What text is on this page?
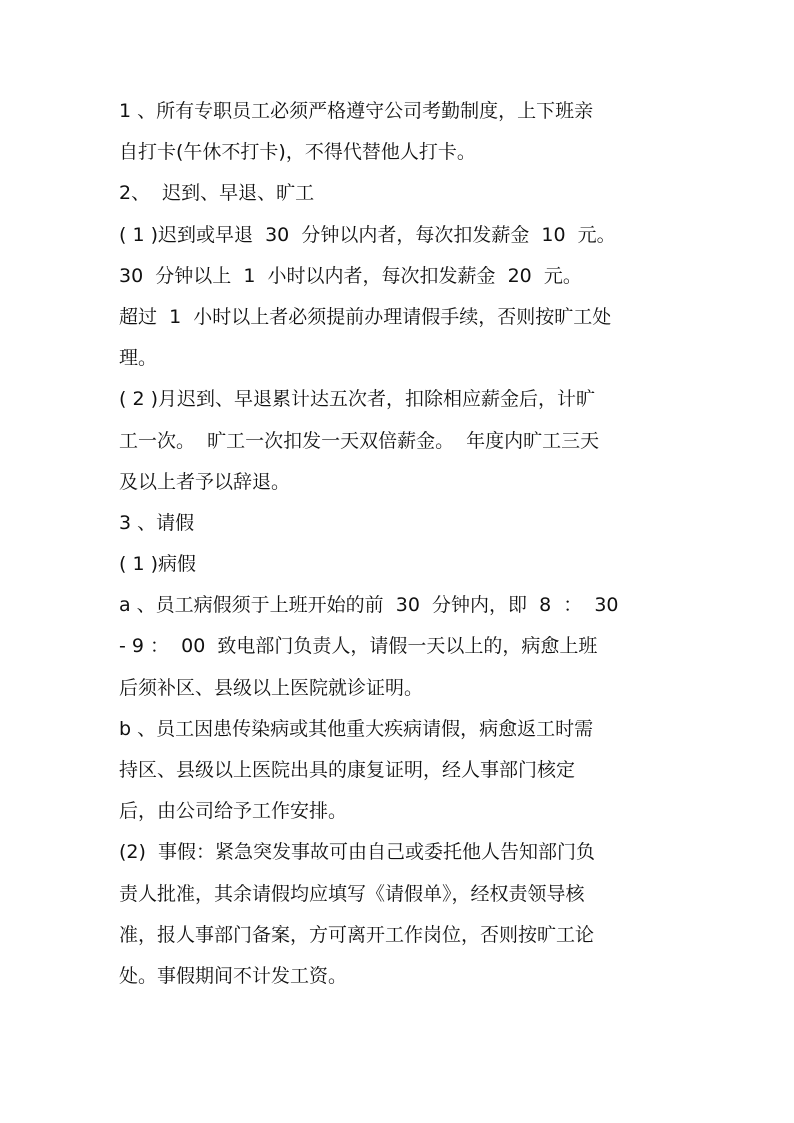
1 、所有专职员工必须严格遵守公司考勤制度，上下班亲
自打卡(午休不打卡)，不得代替他人打卡。
2、  迟到、早退、旷工
( 1 )迟到或早退  30  分钟以内者，每次扣发薪金  10  元。
30  分钟以上  1  小时以内者，每次扣发薪金  20  元。
超过  1  小时以上者必须提前办理请假手续，否则按旷工处
理。
( 2 )月迟到、早退累计达五次者，扣除相应薪金后，计旷
工一次。  旷工一次扣发一天双倍薪金。  年度内旷工三天
及以上者予以辞退。
3 、请假
( 1 )病假
a 、员工病假须于上班开始的前  30  分钟内，即  8  ：  30
- 9 ：  00  致电部门负责人，请假一天以上的，病愈上班
后须补区、县级以上医院就诊证明。
b 、员工因患传染病或其他重大疾病请假，病愈返工时需
持区、县级以上医院出具的康复证明，经人事部门核定
后，由公司给予工作安排。
(2)  事假：紧急突发事故可由自己或委托他人告知部门负
责人批准，其余请假均应填写《请假单》，经权责领导核
准，报人事部门备案，方可离开工作岗位，否则按旷工论
处。事假期间不计发工资。
